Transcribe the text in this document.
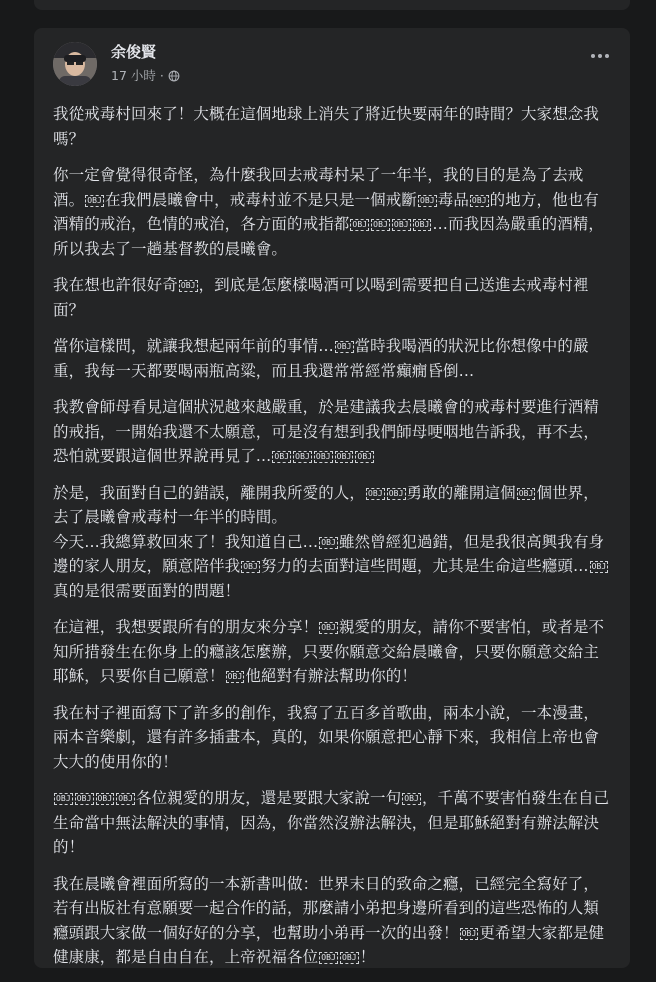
余俊賢
17 小時 ·

我從戒毒村回來了！大概在這個地球上消失了將近快要兩年的時間？大家想念我嗎？

你一定會覺得很奇怪，為什麼我回去戒毒村呆了一年半，我的目的是為了去戒酒。 OBJ 在我們晨曦會中，戒毒村並不是只是一個戒斷 OBJ 毒品 OBJ 的地方，他也有酒精的戒治，色情的戒治，各方面的戒指都 OBJ OBJ OBJ OBJ …而我因為嚴重的酒精，所以我去了一趟基督教的晨曦會。

我在想也許很好奇 OBJ ，到底是怎麼樣喝酒可以喝到需要把自己送進去戒毒村裡面？

當你這樣問，就讓我想起兩年前的事情… OBJ 當時我喝酒的狀況比你想像中的嚴重，我每一天都要喝兩瓶高粱，而且我還常常經常癲癇昏倒…

我教會師母看見這個狀況越來越嚴重，於是建議我去晨曦會的戒毒村要進行酒精的戒指，一開始我還不太願意，可是沒有想到我們師母哽咽地告訴我，再不去，恐怕就要跟這個世界說再見了… OBJ OBJ OBJ OBJ OBJ

於是，我面對自己的錯誤，離開我所愛的人， OBJ OBJ 勇敢的離開這個 OBJ 個世界，去了晨曦會戒毒村一年半的時間。
今天…我總算救回來了！我知道自己… OBJ 雖然曾經犯過錯，但是我很高興我有身邊的家人朋友，願意陪伴我 OBJ 努力的去面對這些問題，尤其是生命這些癮頭… OBJ真的是很需要面對的問題！

在這裡，我想要跟所有的朋友來分享！ OBJ 親愛的朋友，請你不要害怕，或者是不知所措發生在你身上的癮該怎麼辦，只要你願意交給晨曦會，只要你願意交給主耶穌，只要你自己願意！ OBJ 他絕對有辦法幫助你的！

我在村子裡面寫下了許多的創作，我寫了五百多首歌曲，兩本小說，一本漫畫，兩本音樂劇，還有許多插畫本，真的，如果你願意把心靜下來，我相信上帝也會大大的使用你的！

OBJ OBJ OBJ OBJ 各位親愛的朋友，還是要跟大家說一句 OBJ ，千萬不要害怕發生在自己生命當中無法解決的事情，因為，你當然沒辦法解決，但是耶穌絕對有辦法解決的！

我在晨曦會裡面所寫的一本新書叫做：世界末日的致命之癮，已經完全寫好了，若有出版社有意願要一起合作的話，那麼請小弟把身邊所看到的這些恐怖的人類癮頭跟大家做一個好好的分享，也幫助小弟再一次的出發！ OBJ 更希望大家都是健健康康，都是自由自在，上帝祝福各位 OBJ OBJ ！
